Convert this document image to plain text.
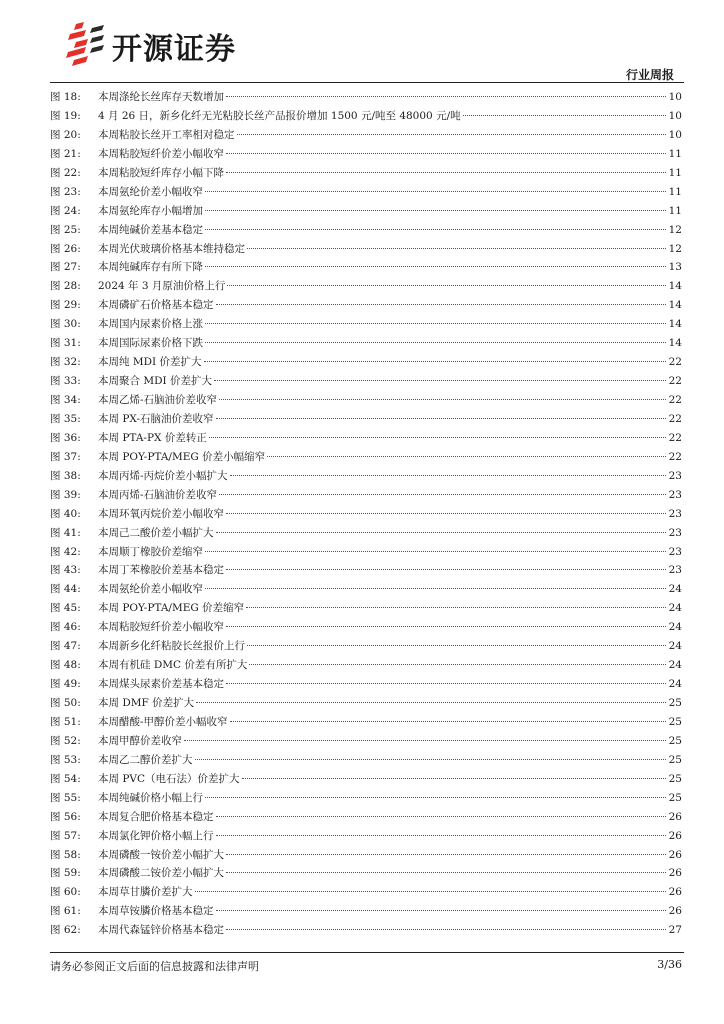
开源证券
行业周报
图 18:	本周涤纶长丝库存天数增加	10
图 19:	4 月 26 日，新乡化纤无光粘胶长丝产品报价增加 1500 元/吨至 48000 元/吨	10
图 20:	本周粘胶长丝开工率相对稳定	10
图 21:	本周粘胶短纤价差小幅收窄	11
图 22:	本周粘胶短纤库存小幅下降	11
图 23:	本周氨纶价差小幅收窄	11
图 24:	本周氨纶库存小幅增加	11
图 25:	本周纯碱价差基本稳定	12
图 26:	本周光伏玻璃价格基本维持稳定	12
图 27:	本周纯碱库存有所下降	13
图 28:	2024 年 3 月原油价格上行	14
图 29:	本周磷矿石价格基本稳定	14
图 30:	本周国内尿素价格上涨	14
图 31:	本周国际尿素价格下跌	14
图 32:	本周纯 MDI 价差扩大	22
图 33:	本周聚合 MDI 价差扩大	22
图 34:	本周乙烯-石脑油价差收窄	22
图 35:	本周 PX-石脑油价差收窄	22
图 36:	本周 PTA-PX 价差转正	22
图 37:	本周 POY-PTA/MEG 价差小幅缩窄	22
图 38:	本周丙烯-丙烷价差小幅扩大	23
图 39:	本周丙烯-石脑油价差收窄	23
图 40:	本周环氧丙烷价差小幅收窄	23
图 41:	本周己二酸价差小幅扩大	23
图 42:	本周顺丁橡胶价差缩窄	23
图 43:	本周丁苯橡胶价差基本稳定	23
图 44:	本周氨纶价差小幅收窄	24
图 45:	本周 POY-PTA/MEG 价差缩窄	24
图 46:	本周粘胶短纤价差小幅收窄	24
图 47:	本周新乡化纤粘胶长丝报价上行	24
图 48:	本周有机硅 DMC 价差有所扩大	24
图 49:	本周煤头尿素价差基本稳定	24
图 50:	本周 DMF 价差扩大	25
图 51:	本周醋酸-甲醇价差小幅收窄	25
图 52:	本周甲醇价差收窄	25
图 53:	本周乙二醇价差扩大	25
图 54:	本周 PVC（电石法）价差扩大	25
图 55:	本周纯碱价格小幅上行	25
图 56:	本周复合肥价格基本稳定	26
图 57:	本周氯化钾价格小幅上行	26
图 58:	本周磷酸一铵价差小幅扩大	26
图 59:	本周磷酸二铵价差小幅扩大	26
图 60:	本周草甘膦价差扩大	26
图 61:	本周草铵膦价格基本稳定	26
图 62:	本周代森锰锌价格基本稳定	27
请务必参阅正文后面的信息披露和法律声明	3/36
